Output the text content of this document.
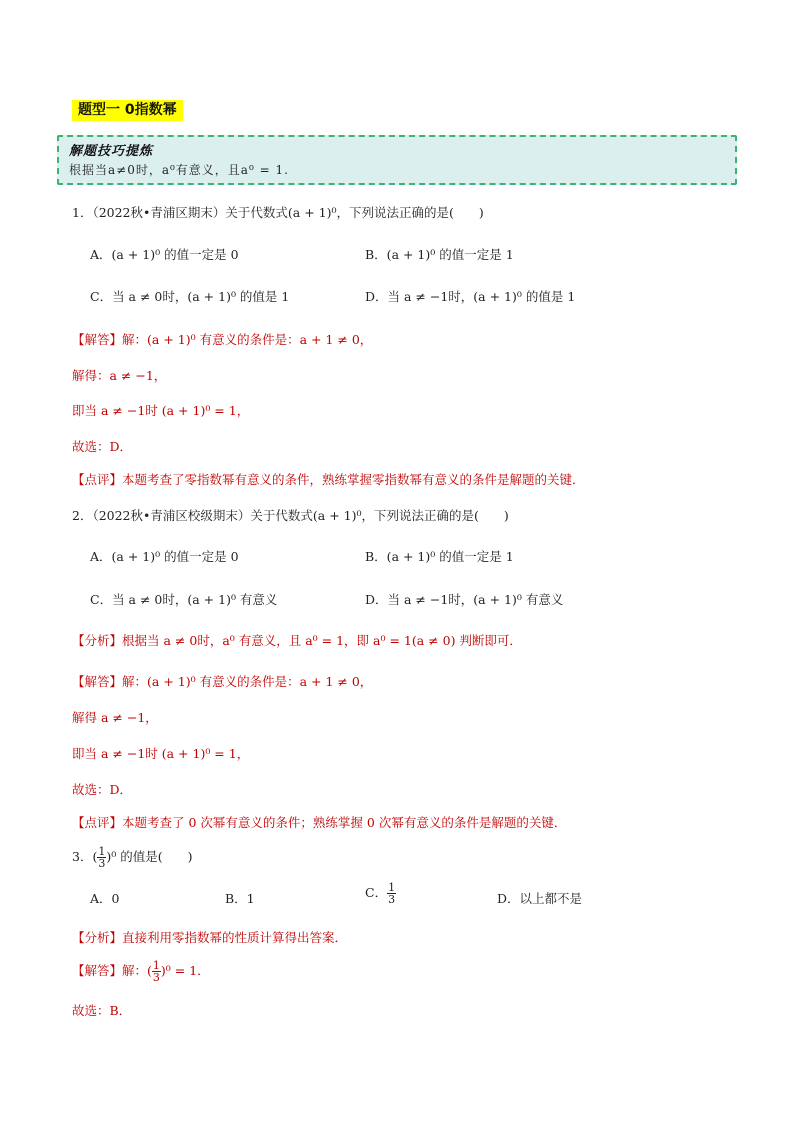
题型一 0指数幂
解题技巧提炼
根据当a≠0时，a⁰有意义，且a⁰ = 1.
1．（2022秋•青浦区期末）关于代数式(a + 1)⁰，下列说法正确的是(　　)
A．(a + 1)⁰ 的值一定是 0	B．(a + 1)⁰ 的值一定是 1
C．当 a ≠ 0时，(a + 1)⁰ 的值是 1	D．当 a ≠ −1时，(a + 1)⁰ 的值是 1
【解答】解：(a + 1)⁰ 有意义的条件是：a + 1 ≠ 0，
解得：a ≠ −1，
即当 a ≠ −1时 (a + 1)⁰ = 1，
故选：D．
【点评】本题考查了零指数幂有意义的条件，熟练掌握零指数幂有意义的条件是解题的关键．
2．（2022秋•青浦区校级期末）关于代数式(a + 1)⁰，下列说法正确的是(　　)
A．(a + 1)⁰ 的值一定是 0	B．(a + 1)⁰ 的值一定是 1
C．当 a ≠ 0时，(a + 1)⁰ 有意义	D．当 a ≠ −1时，(a + 1)⁰ 有意义
【分析】根据当 a ≠ 0时，a⁰ 有意义，且 a⁰ = 1，即 a⁰ = 1(a ≠ 0) 判断即可．
【解答】解：(a + 1)⁰ 有意义的条件是：a + 1 ≠ 0，
解得 a ≠ −1，
即当 a ≠ −1时 (a + 1)⁰ = 1，
故选：D．
【点评】本题考查了 0 次幂有意义的条件；熟练掌握 0 次幂有意义的条件是解题的关键．
3．( $\frac{1}{3} )^0$ 的值是(　　)
A．0	B．1	C． $\frac{1}{3}$	D．以上都不是
【分析】直接利用零指数幂的性质计算得出答案．
【解答】解：( $\frac{1}{3} )^0 = 1$．
故选：B．
